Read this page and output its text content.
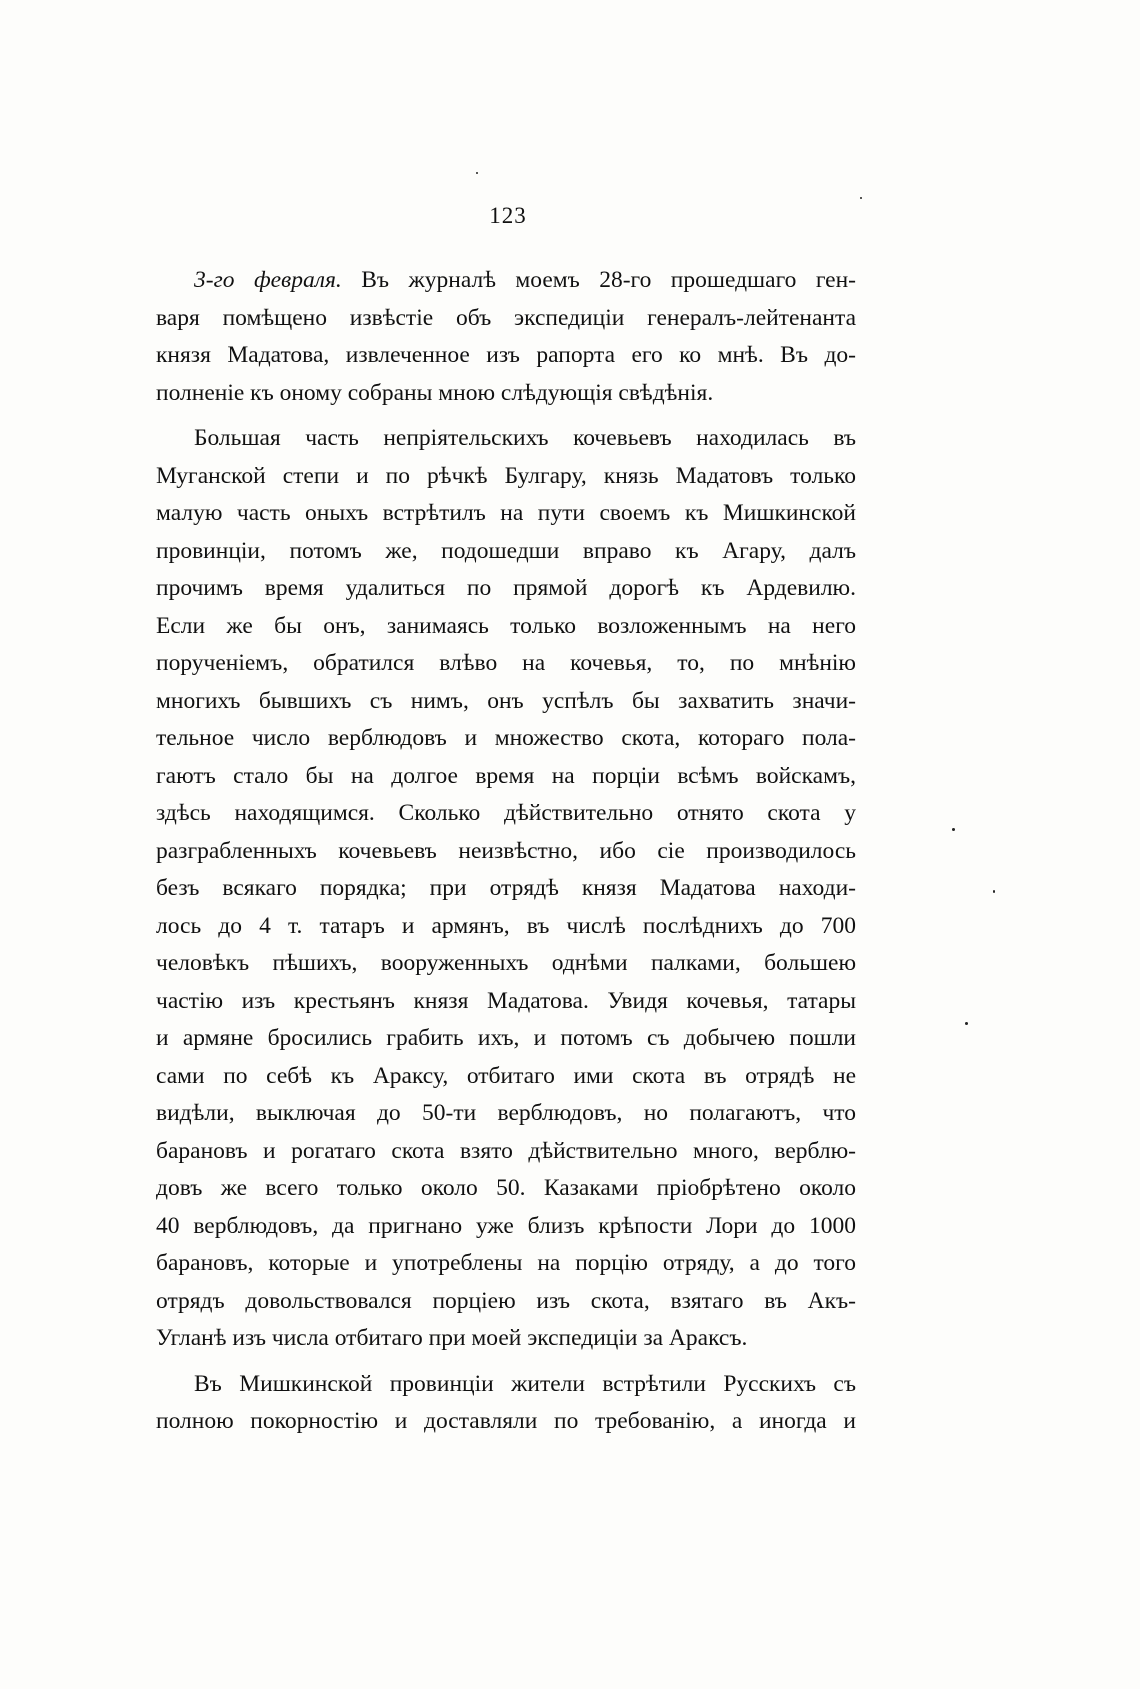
123
3-го февраля. Въ журналѣ моемъ 28-го прошедшаго ген-
варя помѣщено извѣстіе объ экспедиціи генералъ-лейтенанта
князя Мадатова, извлеченное изъ рапорта его ко мнѣ. Въ до-
полненіе къ оному собраны мною слѣдующія свѣдѣнія.
Большая часть непріятельскихъ кочевьевъ находилась въ
Муганской степи и по рѣчкѣ Булгару, князь Мадатовъ только
малую часть оныхъ встрѣтилъ на пути своемъ къ Мишкинской
провинціи, потомъ же, подошедши вправо къ Агару, далъ
прочимъ время удалиться по прямой дорогѣ къ Ардевилю.
Если же бы онъ, занимаясь только возложеннымъ на него
порученіемъ, обратился влѣво на кочевья, то, по мнѣнію
многихъ бывшихъ съ нимъ, онъ успѣлъ бы захватить значи-
тельное число верблюдовъ и множество скота, котораго пола-
гаютъ стало бы на долгое время на порціи всѣмъ войскамъ,
здѣсь находящимся. Сколько дѣйствительно отнято скота у
разграбленныхъ кочевьевъ неизвѣстно, ибо сіе производилось
безъ всякаго порядка; при отрядѣ князя Мадатова находи-
лось до 4 т. татаръ и армянъ, въ числѣ послѣднихъ до 700
человѣкъ пѣшихъ, вооруженныхъ однѣми палками, большею
частію изъ крестьянъ князя Мадатова. Увидя кочевья, татары
и армяне бросились грабить ихъ, и потомъ съ добычею пошли
сами по себѣ къ Араксу, отбитаго ими скота въ отрядѣ не
видѣли, выключая до 50-ти верблюдовъ, но полагаютъ, что
барановъ и рогатаго скота взято дѣйствительно много, верблю-
довъ же всего только около 50. Казаками пріобрѣтено около
40 верблюдовъ, да пригнано уже близъ крѣпости Лори до 1000
барановъ, которые и употреблены на порцію отряду, а до того
отрядъ довольствовался порціею изъ скота, взятаго въ Акъ-
Угланѣ изъ числа отбитаго при моей экспедиціи за Араксъ.
Въ Мишкинской провинціи жители встрѣтили Русскихъ съ
полною покорностію и доставляли по требованію, а иногда и
